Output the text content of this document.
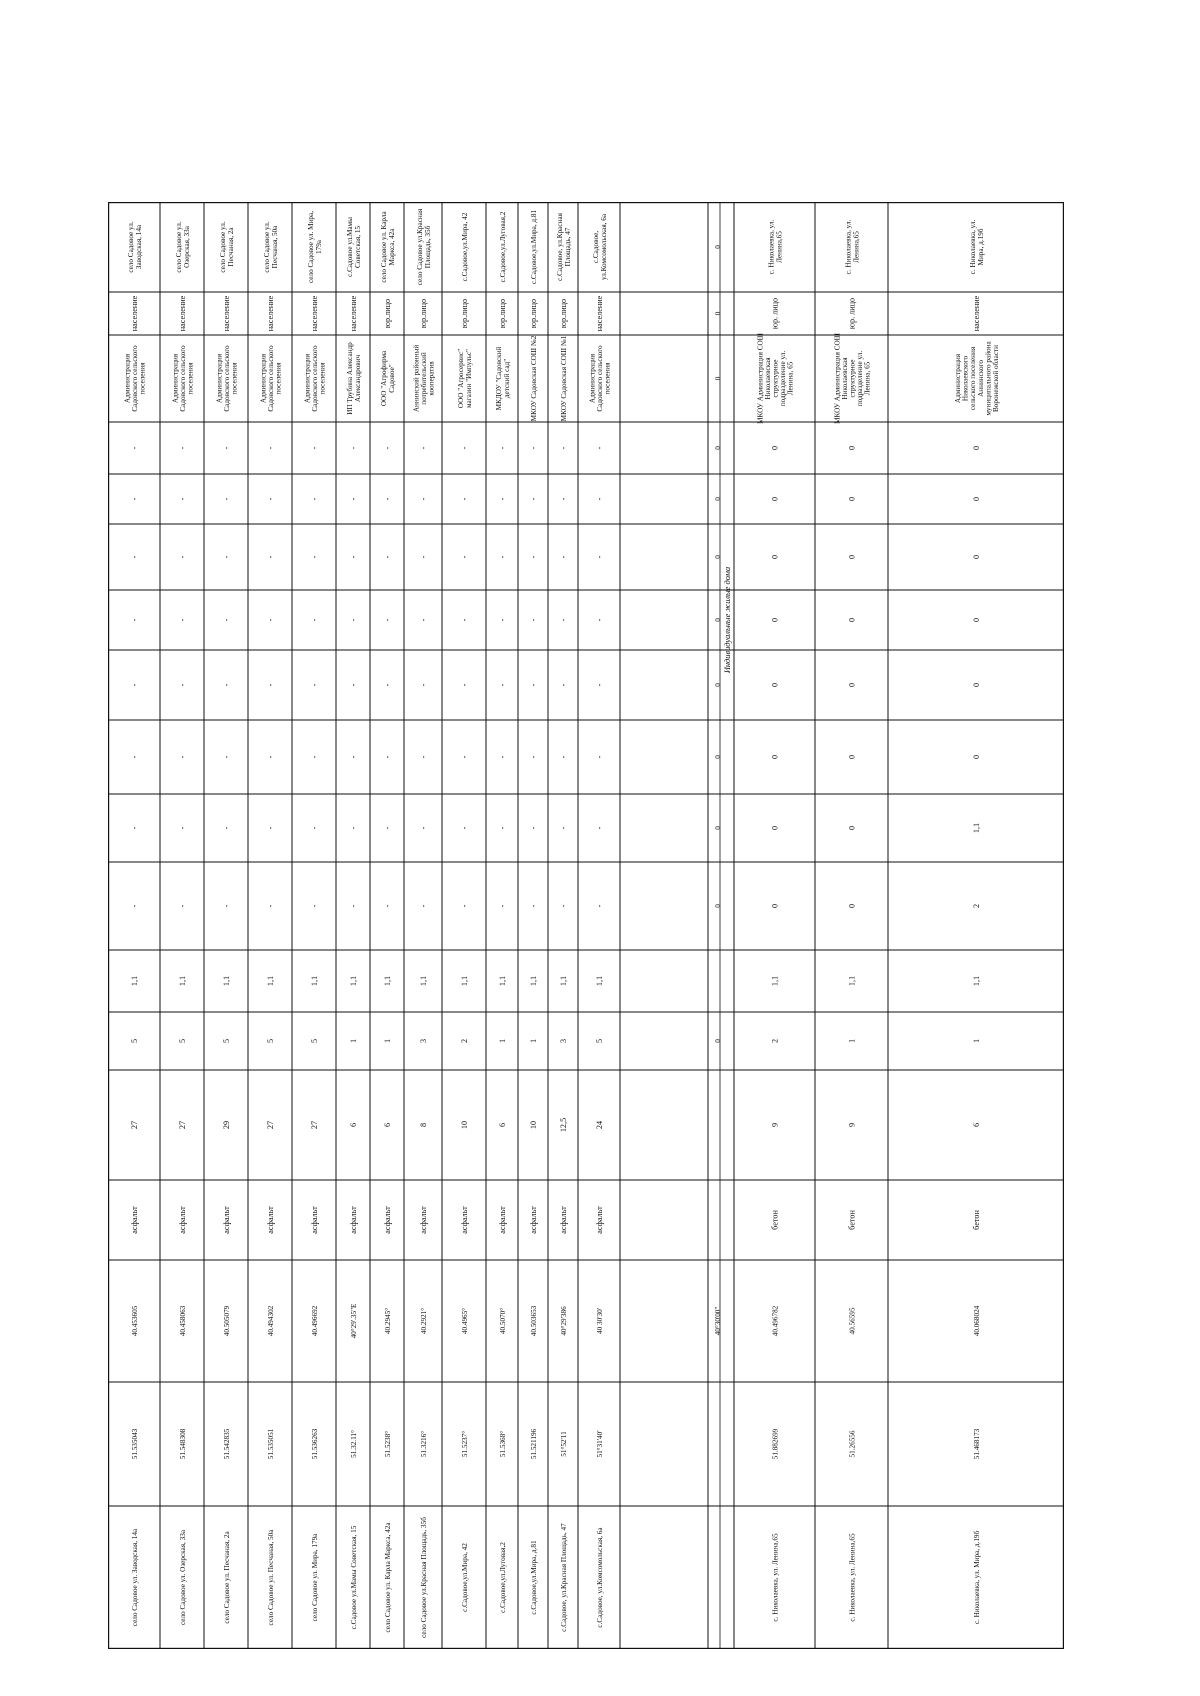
село Садовое ул. Заводская, 14а
51.535043
40.453605
асфальт
27
5
1,1
-
-
-
-
-
-
-
-
АдминистрацияСадовского сельскогопоселения
население
село Садовое ул.Заводская, 14а
село Садовое ул. Озерская, 33а
51.548308
40.458063
асфальт
27
5
1,1
-
-
-
-
-
-
-
-
АдминистрацияСадовского сельскогопоселения
население
село Садовое ул.Озерская, 33а
село Садовое ул. Песчаная, 2а
51.542835
40.505079
асфальт
29
5
1,1
-
-
-
-
-
-
-
-
АдминистрацияСадовского сельскогопоселения
население
село Садовое ул.Песчаная, 2а
село Садовое ул. Песчаная, 50а
51.535051
40.494302
асфальт
27
5
1,1
-
-
-
-
-
-
-
-
АдминистрацияСадовского сельскогопоселения
население
село Садовое ул.Песчаная, 50а
село Садовое ул. Мира, 179а
51.536263
40.496692
асфальт
27
5
1,1
-
-
-
-
-
-
-
-
АдминистрацияСадовского сельскогопоселения
население
село Садовое ул. Мира,179а
с.Садовое ул.Мамы Советская, 15
51.32.11°
40°29'.35"E
асфальт
6
1
1,1
-
-
-
-
-
-
-
-
ИП Трубина АлександрАлександрович
население
с.Садовое ул.МамыСоветская, 15
село Садовое ул. Карла Маркса, 42а
51.5238°
40.2945°
асфальт
6
1
1,1
-
-
-
-
-
-
-
-
ООО "АгрофирмаСадовое"
юр.лицо
село Садовое ул. КарлаМаркса, 42а
село Садовое ул.Красная Площадь, 35б
51.3216°
40.2921°
асфальт
8
3
1,1
-
-
-
-
-
-
-
-
Аннинский районныйпотребительскийкооператив
юр.лицо
село Садовое ул.КраснаяПлощадь, 35б
с.Садовое,ул.Мира, 42
51.5237°
40.4965°
асфальт
10
2
1,1
-
-
-
-
-
-
-
-
ООО "Агросервис"магазин "Импульс"
юр.лицо
с.Садовое,ул.Мира, 42
с.Садовое,ул.Луговая,2
51.5368°
40.5070°
асфальт
6
1
1,1
-
-
-
-
-
-
-
-
МКДОУ "Садовскийдетский сад"
юр.лицо
с.Садовое,ул.Луговая,2
с.Садовое,ул.Мира, д.81
51.521196
40.503653
асфальт
10
1
1,1
-
-
-
-
-
-
-
-
МКОУ Садовская СОШ №2
юр.лицо
с.Садовое,ул.Мира, д.81
с.Садовое, ул.Красная Площадь, 47
51°52'11
40°29'386
асфальт
12,5
3
1,1
-
-
-
-
-
-
-
-
МКОУ Садовская СОШ №1
юр.лицо
с.Садовое, ул.КраснаяПлощадь, 47
с.Садовое, ул.Комсомольская, 6а
51°31'40'
40 30'30'
асфальт
24
5
1,1
-
-
-
-
-
-
-
-
АдминистрацияСадовского сельскогопоселения
население
с.Садовое,ул.Комсомольская, 6а
0
0
0
0
0
0
0
0
0
0
0
Индивидуальные жилые дома
40°30'00"
0
с. Николаевка, ул. Ленина,65
51.882699
40.496782
бетон
9
2
1,1
0
0
0
0
0
0
0
0
МКОУ Администрация СОШНиколаевскаяструктурноеподразделение ул.Ленина, 65
юр. лицо
с. Николаевка, ул.Ленина,65
с. Николаевка, ул. Ленина,65
51.26556
40.56595
бетон
9
1
1,1
0
0
0
0
0
0
0
0
МКОУ Администрация СОШНиколаевскаяструктурноеподразделение ул.Ленина, 65
юр. лицо
с. Николаевка, ул.Ленина,65
с. Николаевка, ул. Мира, д.19б
51.468173
40.068024
бетон
6
1
1,1
2
1,1
0
0
0
0
0
0
АдминистрацияНиколаевскогосельского поселенияАннинскогомуниципального районаВоронежской области
население
с. Николаевка, ул.Мира, д.19б
